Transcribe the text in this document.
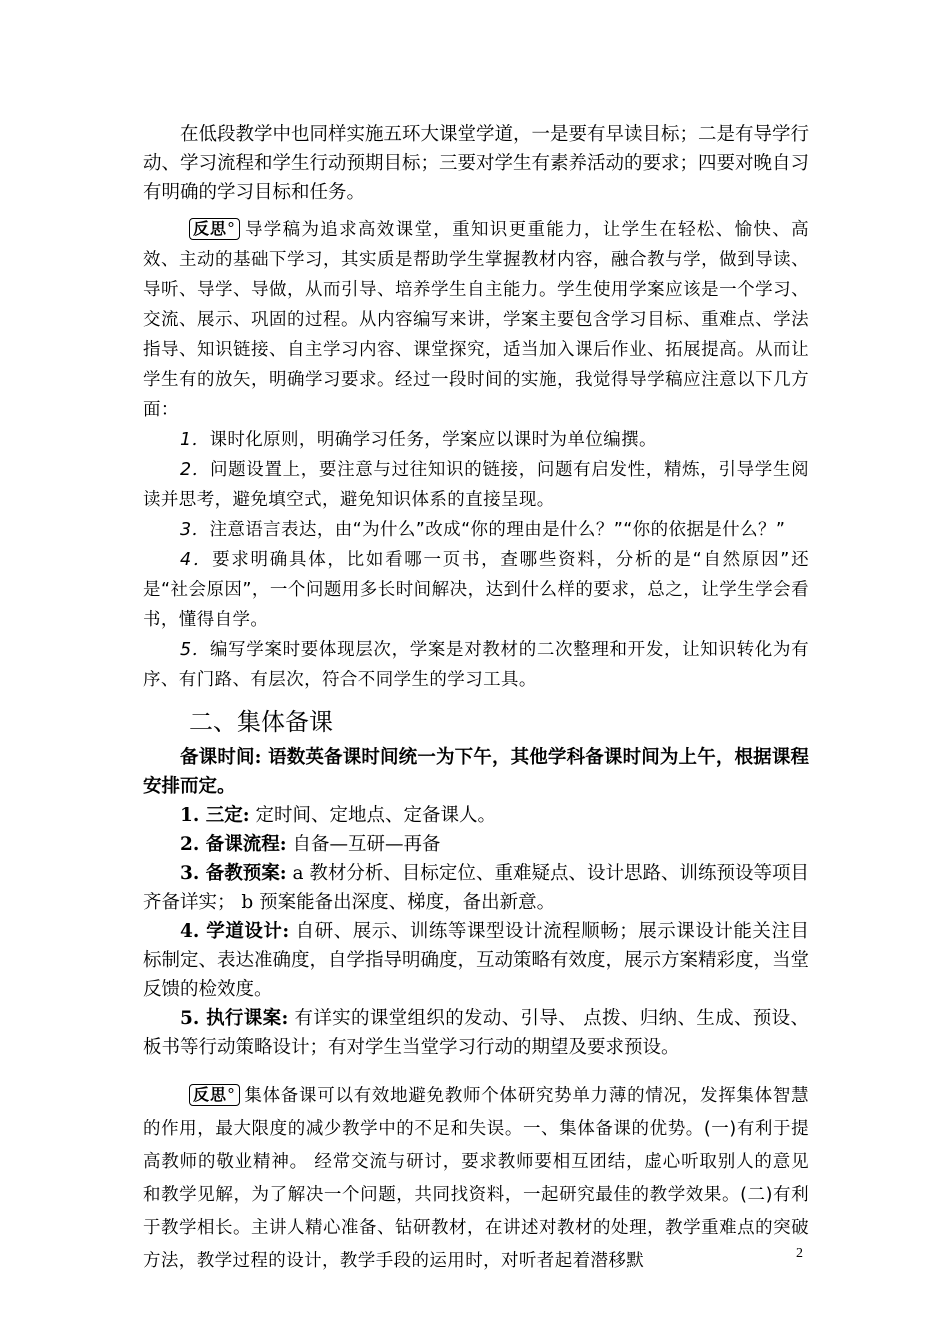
在低段教学中也同样实施五环大课堂学道，一是要有早读目标；二是有导学行动、学习流程和学生行动预期目标；三要对学生有素养活动的要求；四要对晚自习有明确的学习目标和任务。

反思° 导学稿为追求高效课堂，重知识更重能力，让学生在轻松、愉快、高效、主动的基础下学习，其实质是帮助学生掌握教材内容，融合教与学，做到导读、导听、导学、导做，从而引导、培养学生自主能力。学生使用学案应该是一个学习、交流、展示、巩固的过程。从内容编写来讲，学案主要包含学习目标、重难点、学法指导、知识链接、自主学习内容、课堂探究，适当加入课后作业、拓展提高。从而让学生有的放矢，明确学习要求。经过一段时间的实施，我觉得导学稿应注意以下几方面：

1．课时化原则，明确学习任务，学案应以课时为单位编撰。

2．问题设置上，要注意与过往知识的链接，问题有启发性，精炼，引导学生阅读并思考，避免填空式，避免知识体系的直接呈现。

3．注意语言表达，由“为什么”改成“你的理由是什么？”“你的依据是什么？”

4．要求明确具体，比如看哪一页书，查哪些资料，分析的是“自然原因”还是“社会原因”，一个问题用多长时间解决，达到什么样的要求，总之，让学生学会看书，懂得自学。

5．编写学案时要体现层次，学案是对教材的二次整理和开发，让知识转化为有序、有门路、有层次，符合不同学生的学习工具。

二、集体备课

备课时间: 语数英备课时间统一为下午，其他学科备课时间为上午，根据课程安排而定。

1. 三定: 定时间、定地点、定备课人。

2. 备课流程: 自备—互研—再备

3. 备教预案: a 教材分析、目标定位、重难疑点、设计思路、训练预设等项目齐备详实； b 预案能备出深度、梯度，备出新意。

4. 学道设计: 自研、展示、训练等课型设计流程顺畅；展示课设计能关注目标制定、表达准确度，自学指导明确度，互动策略有效度，展示方案精彩度，当堂反馈的检效度。

5. 执行课案: 有详实的课堂组织的发动、引导、 点拨、归纳、生成、预设、板书等行动策略设计；有对学生当堂学习行动的期望及要求预设。

反思° 集体备课可以有效地避免教师个体研究势单力薄的情况，发挥集体智慧的作用，最大限度的减少教学中的不足和失误。一、集体备课的优势。(一)有利于提高教师的敬业精神。 经常交流与研讨，要求教师要相互团结，虚心听取别人的意见和教学见解，为了解决一个问题，共同找资料，一起研究最佳的教学效果。(二)有利于教学相长。主讲人精心准备、钻研教材，在讲述对教材的处理，教学重难点的突破方法，教学过程的设计，教学手段的运用时，对听者起着潜移默	2
